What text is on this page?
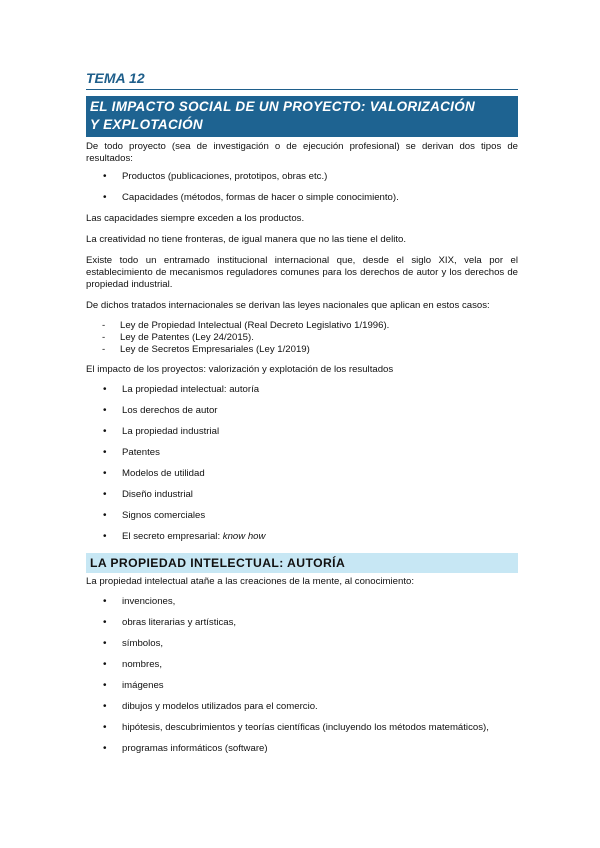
TEMA 12
EL IMPACTO SOCIAL DE UN PROYECTO: VALORIZACIÓN
Y EXPLOTACIÓN

De todo proyecto (sea de investigación o de ejecución profesional) se derivan dos tipos de resultados:

• Productos (publicaciones, prototipos, obras etc.)
• Capacidades (métodos, formas de hacer o simple conocimiento).

Las capacidades siempre exceden a los productos.

La creatividad no tiene fronteras, de igual manera que no las tiene el delito.

Existe todo un entramado institucional internacional que, desde el siglo XIX, vela por el establecimiento de mecanismos reguladores comunes para los derechos de autor y los derechos de propiedad industrial.

De dichos tratados internacionales se derivan las leyes nacionales que aplican en estos casos:

- Ley de Propiedad Intelectual (Real Decreto Legislativo 1/1996).
- Ley de Patentes (Ley 24/2015).
- Ley de Secretos Empresariales (Ley 1/2019)

El impacto de los proyectos: valorización y explotación de los resultados

• La propiedad intelectual: autoría
• Los derechos de autor
• La propiedad industrial
• Patentes
• Modelos de utilidad
• Diseño industrial
• Signos comerciales
• El secreto empresarial: know how
LA PROPIEDAD INTELECTUAL: AUTORÍA

La propiedad intelectual atañe a las creaciones de la mente, al conocimiento:

• invenciones,
• obras literarias y artísticas,
• símbolos,
• nombres,
• imágenes
• dibujos y modelos utilizados para el comercio.
• hipótesis, descubrimientos y teorías científicas (incluyendo los métodos matemáticos),
• programas informáticos (software)
